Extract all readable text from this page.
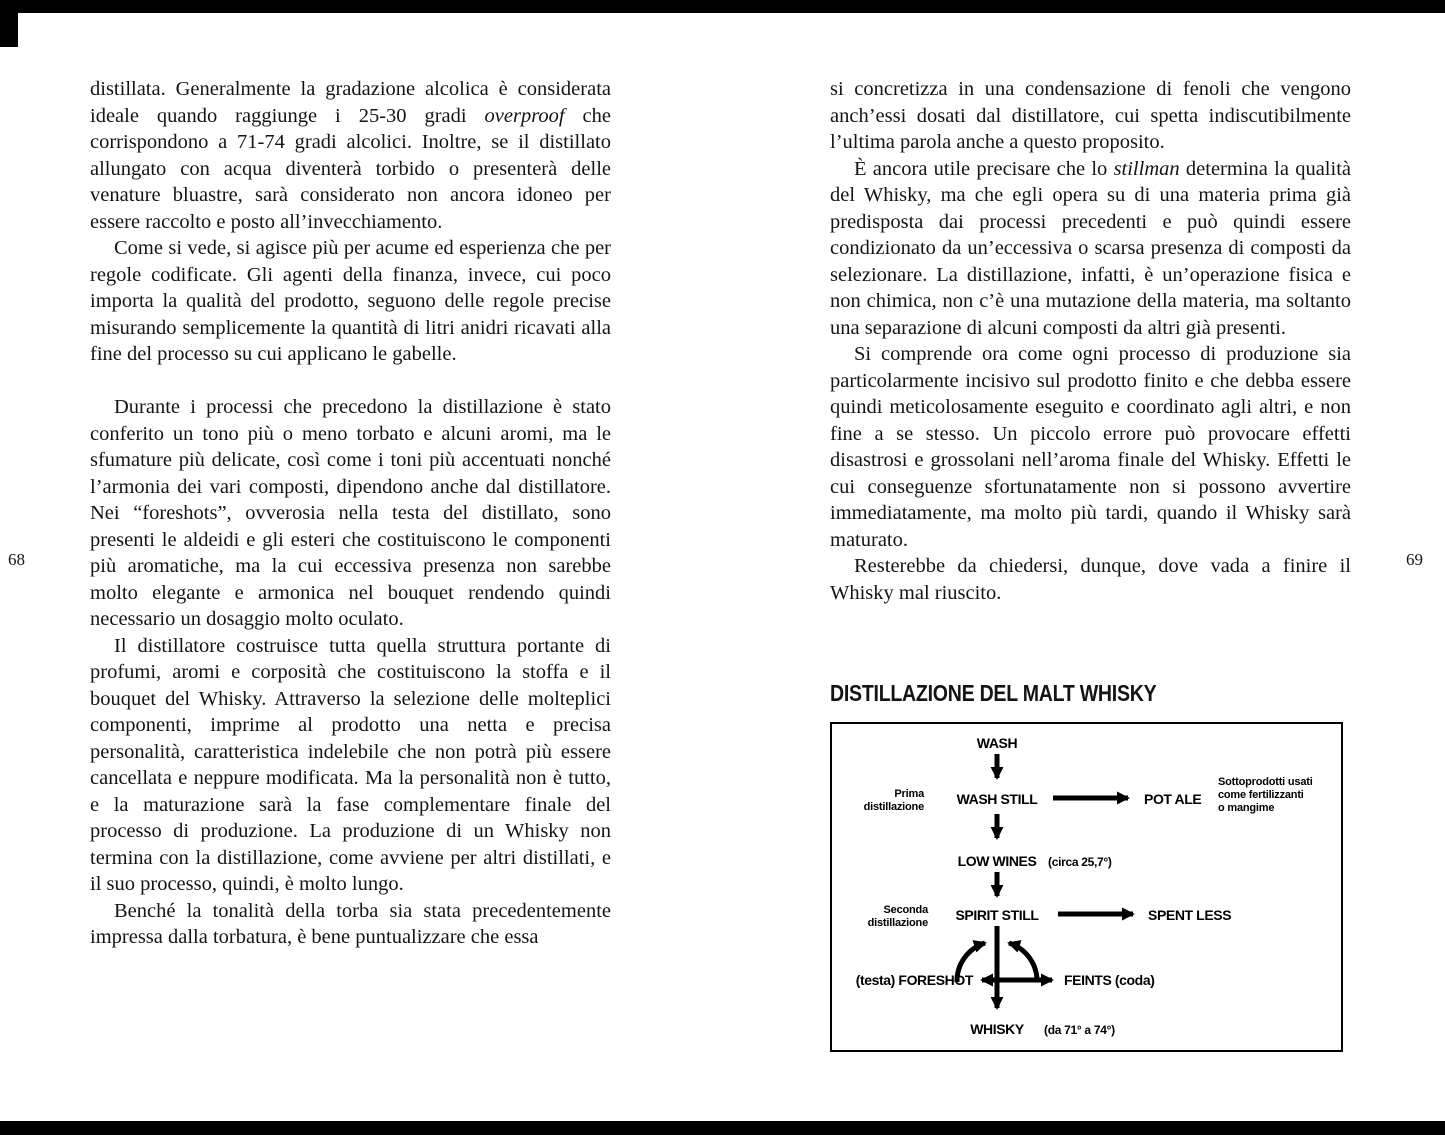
68	69

distillata. Generalmente la gradazione alcolica è considerata ideale quando raggiunge i 25-30 gradi overproof che corrispondono a 71-74 gradi alcolici. Inoltre, se il distillato allungato con acqua diventerà torbido o presenterà delle venature bluastre, sarà considerato non ancora idoneo per essere raccolto e posto all’invecchiamento.

Come si vede, si agisce più per acume ed esperienza che per regole codificate. Gli agenti della finanza, invece, cui poco importa la qualità del prodotto, seguono delle regole precise misurando semplicemente la quantità di litri anidri ricavati alla fine del processo su cui applicano le gabelle.

Durante i processi che precedono la distillazione è stato conferito un tono più o meno torbato e alcuni aromi, ma le sfumature più delicate, così come i toni più accentuati nonché l’armonia dei vari composti, dipendono anche dal distillatore. Nei “foreshots”, ovverosia nella testa del distillato, sono presenti le aldeidi e gli esteri che costituiscono le componenti più aromatiche, ma la cui eccessiva presenza non sarebbe molto elegante e armonica nel bouquet rendendo quindi necessario un dosaggio molto oculato.

Il distillatore costruisce tutta quella struttura portante di profumi, aromi e corposità che costituiscono la stoffa e il bouquet del Whisky. Attraverso la selezione delle molteplici componenti, imprime al prodotto una netta e precisa personalità, caratteristica indelebile che non potrà più essere cancellata e neppure modificata. Ma la personalità non è tutto, e la maturazione sarà la fase complementare finale del processo di produzione. La produzione di un Whisky non termina con la distillazione, come avviene per altri distillati, e il suo processo, quindi, è molto lungo.

Benché la tonalità della torba sia stata precedentemente impressa dalla torbatura, è bene puntualizzare che essa

si concretizza in una condensazione di fenoli che vengono anch’essi dosati dal distillatore, cui spetta indiscutibilmente l’ultima parola anche a questo proposito.

È ancora utile precisare che lo stillman determina la qualità del Whisky, ma che egli opera su di una materia prima già predisposta dai processi precedenti e può quindi essere condizionato da un’eccessiva o scarsa presenza di composti da selezionare. La distillazione, infatti, è un’operazione fisica e non chimica, non c’è una mutazione della materia, ma soltanto una separazione di alcuni composti da altri già presenti.

Si comprende ora come ogni processo di produzione sia particolarmente incisivo sul prodotto finito e che debba essere quindi meticolosamente eseguito e coordinato agli altri, e non fine a se stesso. Un piccolo errore può provocare effetti disastrosi e grossolani nell’aroma finale del Whisky. Effetti le cui conseguenze sfortunatamente non si possono avvertire immediatamente, ma molto più tardi, quando il Whisky sarà maturato.

Resterebbe da chiedersi, dunque, dove vada a finire il Whisky mal riuscito.

DISTILLAZIONE DEL MALT WHISKY
WASH
WASH STILL	POT ALE
Prima
distillazione
Sottoprodotti usati
come fertilizzanti
o mangime
LOW WINES (circa 25,7°)
SPIRIT STILL	SPENT LESS
Seconda
distillazione
(testa) FORESHOT	FEINTS (coda)
WHISKY (da 71° a 74°)
